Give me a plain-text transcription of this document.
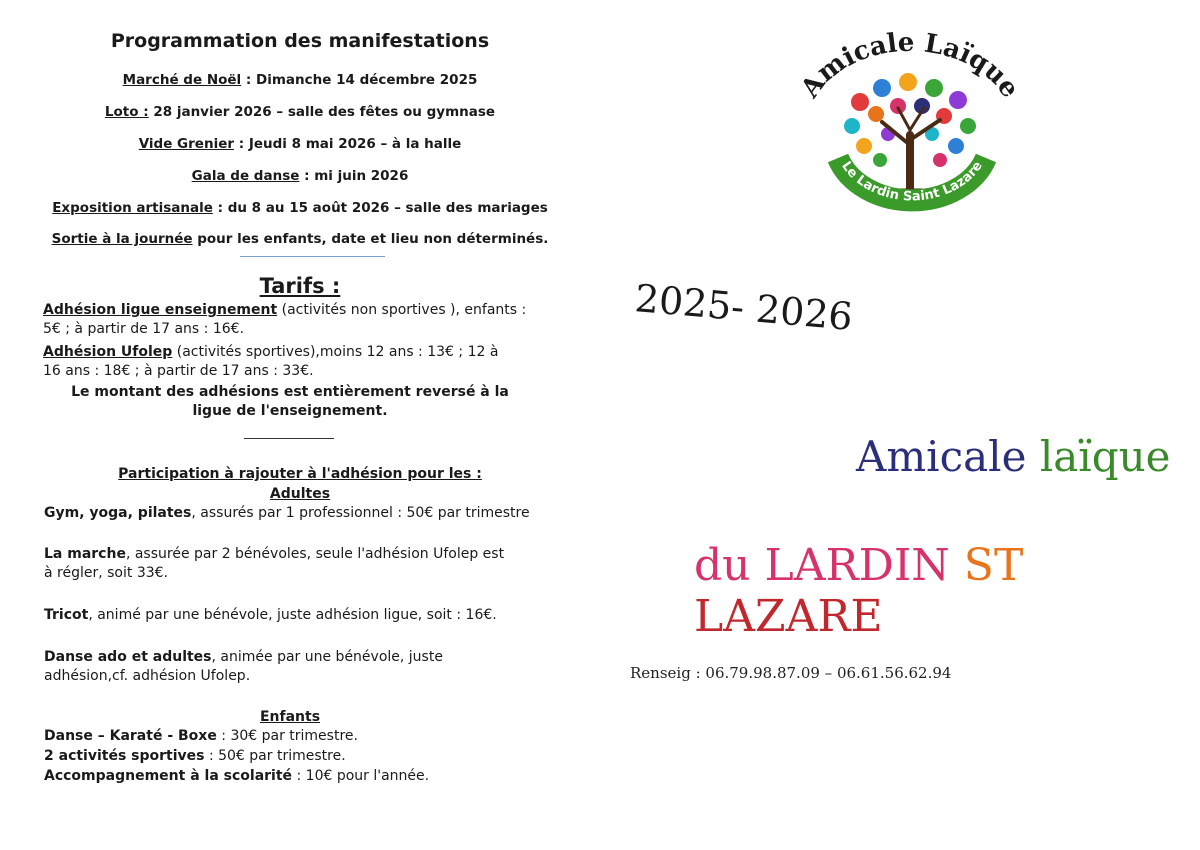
Programmation des manifestations
Marché de Noël : Dimanche 14 décembre 2025
Loto : 28 janvier 2026 – salle des fêtes ou gymnase
Vide Grenier : Jeudi 8 mai 2026 – à la halle
Gala de danse : mi juin 2026
Exposition artisanale : du 8 au 15 août 2026 – salle des mariages
Sortie à la journée pour les enfants, date et lieu non déterminés.
Tarifs :
Adhésion ligue enseignement (activités non sportives ), enfants : 5€ ; à partir de 17 ans : 16€.
Adhésion Ufolep (activités sportives),moins 12 ans : 13€ ; 12 à 16 ans : 18€ ; à partir de 17 ans : 33€.
Le montant des adhésions est entièrement reversé à la ligue de l'enseignement.
Participation à rajouter à l'adhésion pour les :
Adultes
Gym, yoga, pilates, assurés par 1 professionnel : 50€ par trimestre
La marche, assurée par 2 bénévoles, seule l'adhésion Ufolep est à régler, soit 33€.
Tricot, animé par une bénévole, juste adhésion ligue, soit : 16€.
Danse ado et adultes, animée par une bénévole, juste adhésion,cf. adhésion Ufolep.
Enfants
Danse – Karaté - Boxe : 30€ par trimestre.
2 activités sportives : 50€ par trimestre.
Accompagnement à la scolarité : 10€ pour l'année.
Amicale Laïque
Le Lardin Saint Lazare
2025- 2026
Amicale laïque
du LARDIN ST LAZARE
Renseig : 06.79.98.87.09 – 06.61.56.62.94
